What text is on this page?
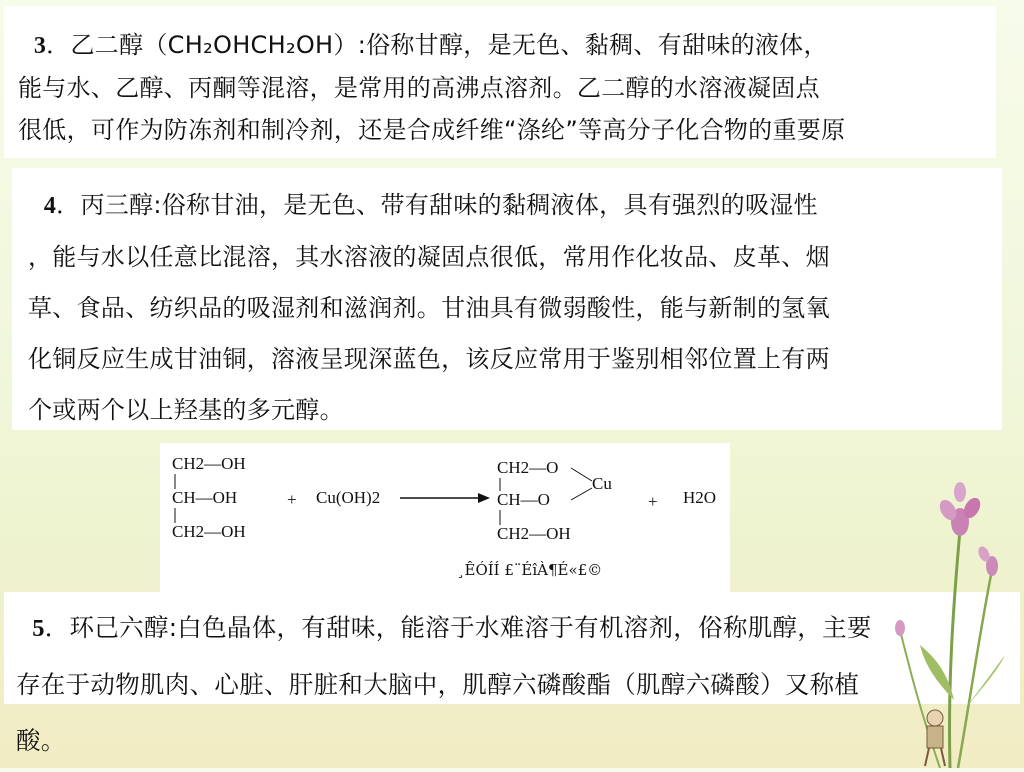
3．乙二醇（CH₂OHCH₂OH）:俗称甘醇，是无色、黏稠、有甜味的液体，
能与水、乙醇、丙酮等混溶，是常用的高沸点溶剂。乙二醇的水溶液凝固点
很低，可作为防冻剂和制冷剂，还是合成纤维“涤纶”等高分子化合物的重要原
4．丙三醇:俗称甘油，是无色、带有甜味的黏稠液体，具有强烈的吸湿性
，能与水以任意比混溶，其水溶液的凝固点很低，常用作化妆品、皮革、烟
草、食品、纺织品的吸湿剂和滋润剂。甘油具有微弱酸性，能与新制的氢氧
化铜反应生成甘油铜，溶液呈现深蓝色，该反应常用于鉴别相邻位置上有两
个或两个以上羟基的多元醇。
CH2—OH
CH—OH
CH2—OH
+ Cu(OH)2
CH2—O
CH—O
CH2—OH
Cu
+ H2O
¸ÊÓÍÍ £¨ÉîÀ¶É«£©
5．环己六醇:白色晶体，有甜味，能溶于水难溶于有机溶剂，俗称肌醇，主要
存在于动物肌肉、心脏、肝脏和大脑中，肌醇六磷酸酯（肌醇六磷酸）又称植
酸。
